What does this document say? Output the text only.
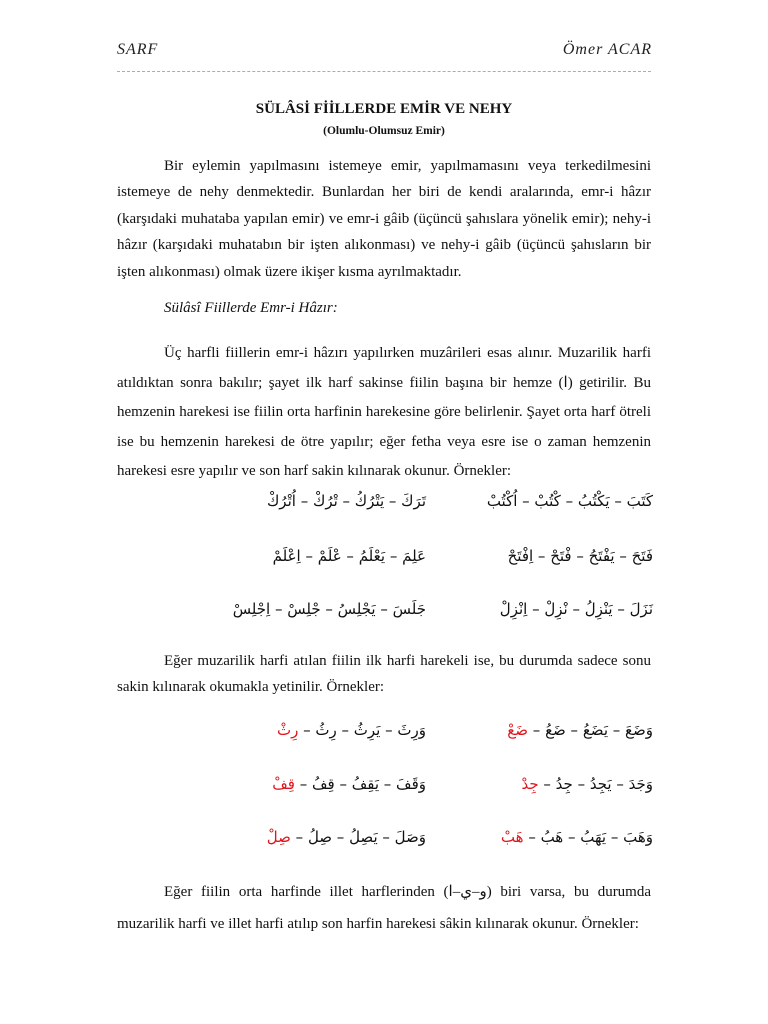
SARF	Ömer ACAR
SÜLÂSİ FİİLLERDE EMİR VE NEHY
(Olumlu-Olumsuz Emir)
Bir eylemin yapılmasını istemeye emir, yapılmamasını veya terkedilmesini istemeye de nehy denmektedir. Bunlardan her biri de kendi aralarında, emr-i hâzır (karşıdaki muhataba yapılan emir) ve emr-i gâib (üçüncü şahıslara yönelik emir); nehy-i hâzır (karşıdaki muhatabın bir işten alıkonması) ve nehy-i gâib (üçüncü şahısların bir işten alıkonması) olmak üzere ikişer kısma ayrılmaktadır.
Sülâsî Fiillerde Emr-i Hâzır:
Üç harfli fiillerin emr-i hâzırı yapılırken muzârileri esas alınır. Muzarilik harfi atıldıktan sonra bakılır; şayet ilk harf sakinse fiilin başına bir hemze (ا) getirilir. Bu hemzenin harekesi ise fiilin orta harfinin harekesine göre belirlenir. Şayet orta harf ötreli ise bu hemzenin harekesi de ötre yapılır; eğer fetha veya esre ise o zaman hemzenin harekesi esre yapılır ve son harf sakin kılınarak okunur. Örnekler:
كَتَبَ – يَكْتُبُ – كْتُبْ – اُكْتُبْ
تَرَكَ – يَتْرُكُ – تْرُكْ – اُتْرُكْ
فَتَحَ – يَفْتَحُ – فْتَحْ – اِفْتَحْ
عَلِمَ – يَعْلَمُ – عْلَمْ – اِعْلَمْ
نَزَلَ – يَنْزِلُ – نْزِلْ – اِنْزِلْ
جَلَسَ – يَجْلِسُ – جْلِسْ – اِجْلِسْ
Eğer muzarilik harfi atılan fiilin ilk harfi harekeli ise, bu durumda sadece sonu sakin kılınarak okumakla yetinilir. Örnekler:
وَضَعَ – يَضَعُ – ضَعُ – ضَعْ
وَرِثَ – يَرِثُ – رِثُ – رِثْ
وَجَدَ – يَجِدُ – جِدُ – جِدْ
وَقَفَ – يَقِفُ – قِفُ – قِفْ
وَهَبَ – يَهَبُ – هَبُ – هَبْ
وَصَلَ – يَصِلُ – صِلُ – صِلْ
Eğer fiilin orta harfinde illet harflerinden (و–ي–ا) biri varsa, bu durumda muzarilik harfi ve illet harfi atılıp son harfin harekesi sâkin kılınarak okunur. Örnekler:
